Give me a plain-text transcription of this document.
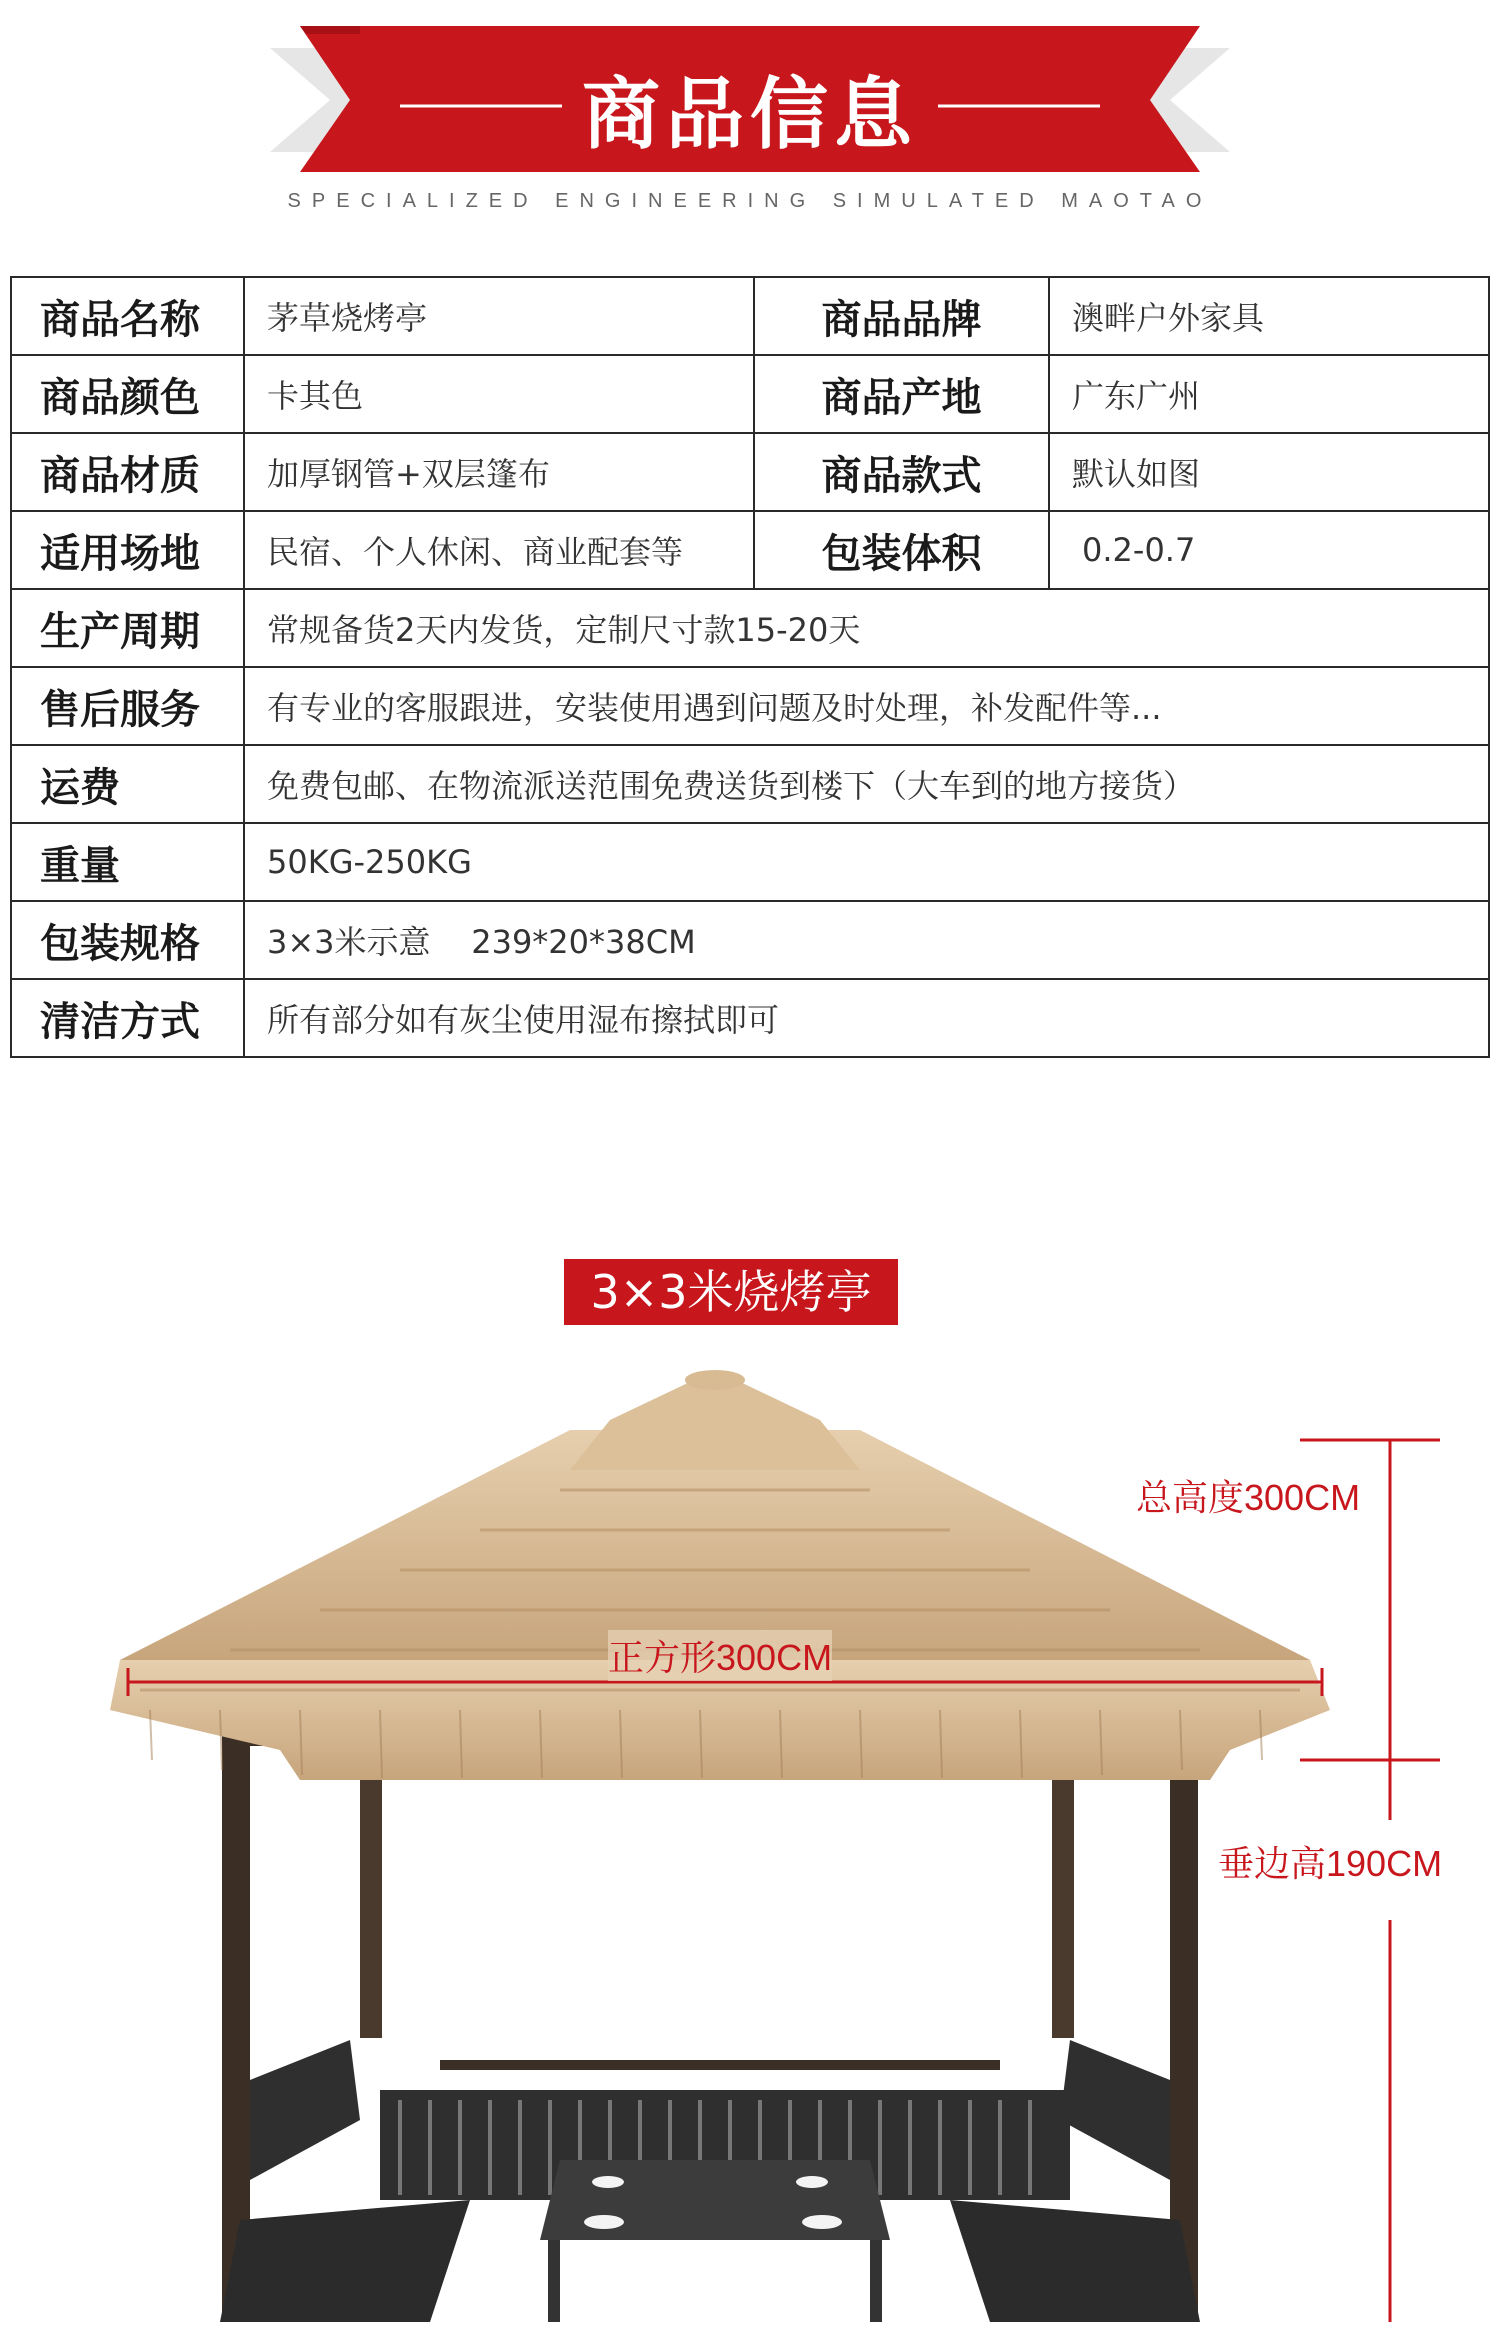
商品信息
SPECIALIZED ENGINEERING SIMULATED MAOTAO
商品名称	茅草烧烤亭	商品品牌	澳畔户外家具
商品颜色	卡其色	商品产地	广东广州
商品材质	加厚钢管+双层篷布	商品款式	默认如图
适用场地	民宿、个人休闲、商业配套等	包装体积	0.2-0.7
生产周期	常规备货2天内发货，定制尺寸款15-20天		
售后服务	有专业的客服跟进，安装使用遇到问题及时处理，补发配件等...		
运费	免费包邮、在物流派送范围免费送货到楼下（大车到的地方接货）		
重量	50KG-250KG		
包装规格	3×3米示意    239*20*38CM		
清洁方式	所有部分如有灰尘使用湿布擦拭即可		
3×3米烧烤亭
总高度300CM
正方形300CM
垂边高190CM
